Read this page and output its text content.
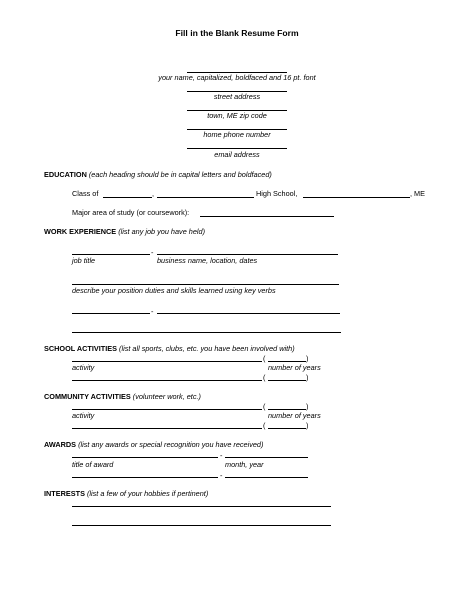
Fill in the Blank Resume Form
your name, capitalized, boldfaced and 16 pt. font
street address
town, ME zip code
home phone number
email address
EDUCATION (each heading should be in capital letters and boldfaced)
Class of	,	High School,	, ME
Major area of study (or coursework):
WORK EXPERIENCE (list any job you have held)
-
job title	business name, location, dates
describe your position duties and skills learned using key verbs
-
SCHOOL ACTIVITIES (list all sports, clubs, etc. you have been involved with)
(	)
activity	number of years
(	)
COMMUNITY ACTIVITIES (volunteer work, etc.)
(	)
activity	number of years
(	)
AWARDS (list any awards or special recognition you have received)
-
title of award	month, year
-
INTERESTS (list a few of your hobbies if pertinent)
